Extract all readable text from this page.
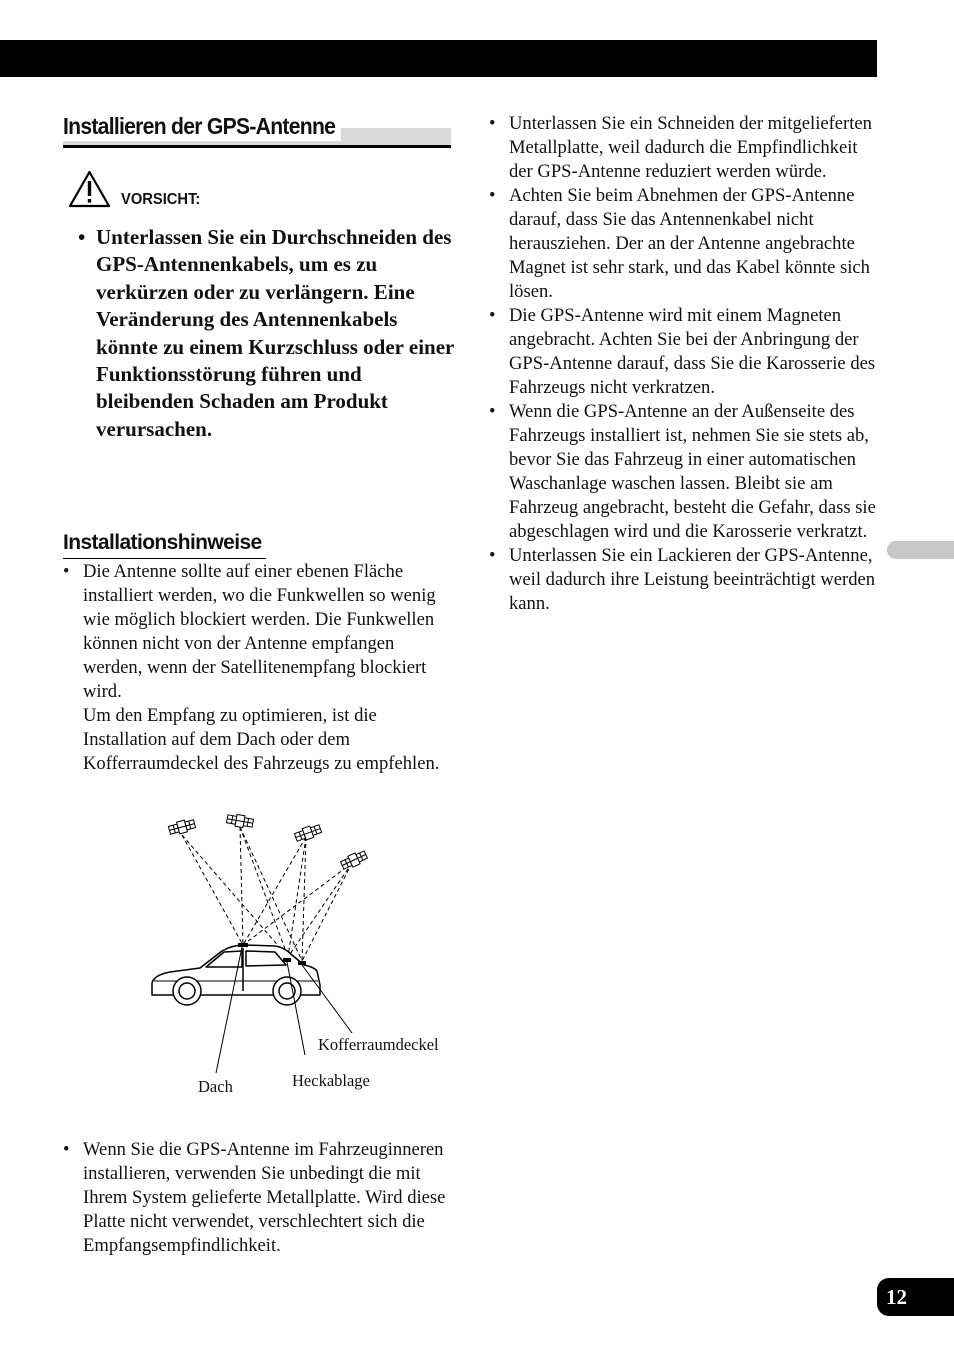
12
Installieren der GPS-Antenne
VORSICHT:
• Unterlassen Sie ein Durchschneiden des GPS-Antennenkabels, um es zu verkürzen oder zu verlängern. Eine Veränderung des Antennenkabels könnte zu einem Kurzschluss oder einer Funktionsstörung führen und bleibenden Schaden am Produkt verursachen.
Installationshinweise
• Die Antenne sollte auf einer ebenen Fläche installiert werden, wo die Funkwellen so wenig wie möglich blockiert werden. Die Funkwellen können nicht von der Antenne empfangen werden, wenn der Satellitenempfang blockiert wird.
Um den Empfang zu optimieren, ist die Installation auf dem Dach oder dem Kofferraumdeckel des Fahrzeugs zu empfehlen.
Dach	Heckablage
Kofferraumdeckel
• Wenn Sie die GPS-Antenne im Fahrzeuginneren installieren, verwenden Sie unbedingt die mit Ihrem System gelieferte Metallplatte. Wird diese Platte nicht verwendet, verschlechtert sich die Empfangsempfindlichkeit.
• Unterlassen Sie ein Schneiden der mitgelieferten Metallplatte, weil dadurch die Empfindlichkeit der GPS-Antenne reduziert werden würde.
• Achten Sie beim Abnehmen der GPS-Antenne darauf, dass Sie das Antennenkabel nicht herausziehen. Der an der Antenne angebrachte Magnet ist sehr stark, und das Kabel könnte sich lösen.
• Die GPS-Antenne wird mit einem Magneten angebracht. Achten Sie bei der Anbringung der GPS-Antenne darauf, dass Sie die Karosserie des Fahrzeugs nicht verkratzen.
• Wenn die GPS-Antenne an der Außenseite des Fahrzeugs installiert ist, nehmen Sie sie stets ab, bevor Sie das Fahrzeug in einer automatischen Waschanlage waschen lassen. Bleibt sie am Fahrzeug angebracht, besteht die Gefahr, dass sie abgeschlagen wird und die Karosserie verkratzt.
• Unterlassen Sie ein Lackieren der GPS-Antenne, weil dadurch ihre Leistung beeinträchtigt werden kann.
